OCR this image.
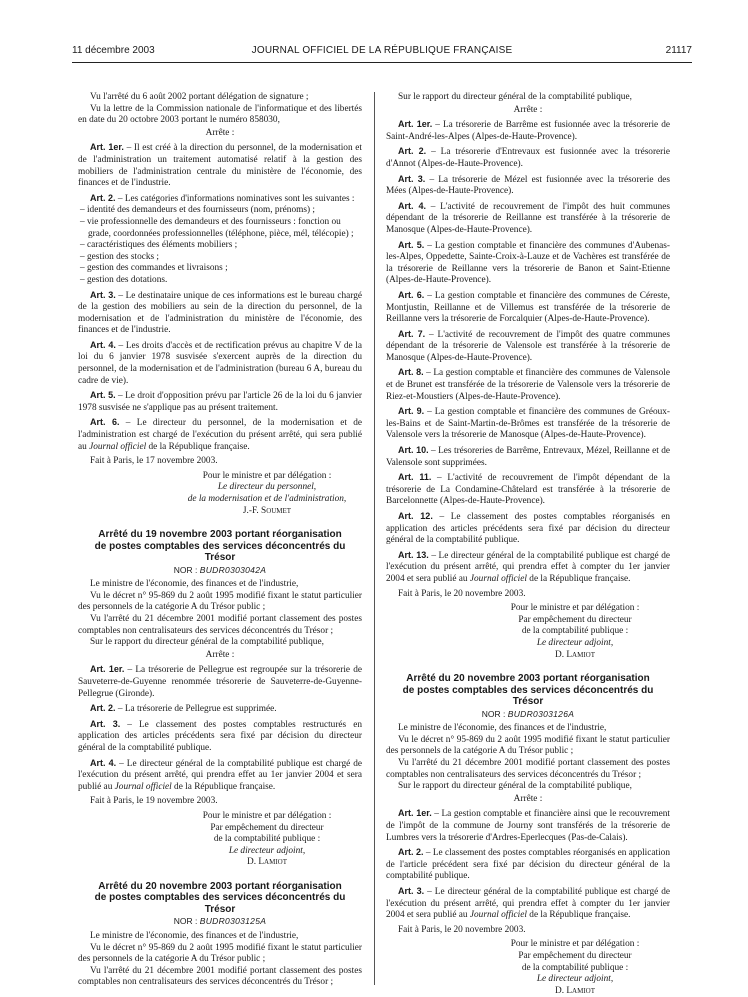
11 décembre 2003	JOURNAL OFFICIEL DE LA RÉPUBLIQUE FRANÇAISE	21117

Vu l'arrêté du 6 août 2002 portant délégation de signature ;

Vu la lettre de la Commission nationale de l'informatique et des libertés en date du 20 octobre 2003 portant le numéro 858030,

Arrête :

Art. 1er. – Il est créé à la direction du personnel, de la modernisation et de l'administration un traitement automatisé relatif à la gestion des mobiliers de l'administration centrale du ministère de l'économie, des finances et de l'industrie.

Art. 2. – Les catégories d'informations nominatives sont les suivantes :

– identité des demandeurs et des fournisseurs (nom, prénoms) ;
– vie professionnelle des demandeurs et des fournisseurs : fonction ou grade, coordonnées professionnelles (téléphone, pièce, mél, télécopie) ;
– caractéristiques des éléments mobiliers ;
– gestion des stocks ;
– gestion des commandes et livraisons ;
– gestion des dotations.

Art. 3. – Le destinataire unique de ces informations est le bureau chargé de la gestion des mobiliers au sein de la direction du personnel, de la modernisation et de l'administration du ministère de l'économie, des finances et de l'industrie.

Art. 4. – Les droits d'accès et de rectification prévus au chapitre V de la loi du 6 janvier 1978 susvisée s'exercent auprès de la direction du personnel, de la modernisation et de l'administration (bureau 6 A, bureau du cadre de vie).

Art. 5. – Le droit d'opposition prévu par l'article 26 de la loi du 6 janvier 1978 susvisée ne s'applique pas au présent traitement.

Art. 6. – Le directeur du personnel, de la modernisation et de l'administration est chargé de l'exécution du présent arrêté, qui sera publié au Journal officiel de la République française.

Fait à Paris, le 17 novembre 2003.

Pour le ministre et par délégation :
Le directeur du personnel,
de la modernisation et de l'administration,
J.-F. Soumet
Arrêté du 19 novembre 2003 portant réorganisation de postes comptables des services déconcentrés du Trésor
NOR : BUDR0303042A

Le ministre de l'économie, des finances et de l'industrie,

Vu le décret n° 95-869 du 2 août 1995 modifié fixant le statut particulier des personnels de la catégorie A du Trésor public ;

Vu l'arrêté du 21 décembre 2001 modifié portant classement des postes comptables non centralisateurs des services déconcentrés du Trésor ;

Sur le rapport du directeur général de la comptabilité publique,

Arrête :

Art. 1er. – La trésorerie de Pellegrue est regroupée sur la trésorerie de Sauveterre-de-Guyenne renommée trésorerie de Sauveterre-de-Guyenne-Pellegrue (Gironde).

Art. 2. – La trésorerie de Pellegrue est supprimée.

Art. 3. – Le classement des postes comptables restructurés en application des articles précédents sera fixé par décision du directeur général de la comptabilité publique.

Art. 4. – Le directeur général de la comptabilité publique est chargé de l'exécution du présent arrêté, qui prendra effet au 1er janvier 2004 et sera publié au Journal officiel de la République française.

Fait à Paris, le 19 novembre 2003.

Pour le ministre et par délégation :
Par empêchement du directeur
de la comptabilité publique :
Le directeur adjoint,
D. Lamiot
Arrêté du 20 novembre 2003 portant réorganisation de postes comptables des services déconcentrés du Trésor
NOR : BUDR0303125A

Le ministre de l'économie, des finances et de l'industrie,

Vu le décret n° 95-869 du 2 août 1995 modifié fixant le statut particulier des personnels de la catégorie A du Trésor public ;

Vu l'arrêté du 21 décembre 2001 modifié portant classement des postes comptables non centralisateurs des services déconcentrés du Trésor ;

Sur le rapport du directeur général de la comptabilité publique,

Arrête :

Art. 1er. – La trésorerie de Barrême est fusionnée avec la trésorerie de Saint-André-les-Alpes (Alpes-de-Haute-Provence).

Art. 2. – La trésorerie d'Entrevaux est fusionnée avec la trésorerie d'Annot (Alpes-de-Haute-Provence).

Art. 3. – La trésorerie de Mézel est fusionnée avec la trésorerie des Mées (Alpes-de-Haute-Provence).

Art. 4. – L'activité de recouvrement de l'impôt des huit communes dépendant de la trésorerie de Reillanne est transférée à la trésorerie de Manosque (Alpes-de-Haute-Provence).

Art. 5. – La gestion comptable et financière des communes d'Aubenas-les-Alpes, Oppedette, Sainte-Croix-à-Lauze et de Vachères est transférée de la trésorerie de Reillanne vers la trésorerie de Banon et Saint-Etienne (Alpes-de-Haute-Provence).

Art. 6. – La gestion comptable et financière des communes de Céreste, Montjustin, Reillanne et de Villemus est transférée de la trésorerie de Reillanne vers la trésorerie de Forcalquier (Alpes-de-Haute-Provence).

Art. 7. – L'activité de recouvrement de l'impôt des quatre communes dépendant de la trésorerie de Valensole est transférée à la trésorerie de Manosque (Alpes-de-Haute-Provence).

Art. 8. – La gestion comptable et financière des communes de Valensole et de Brunet est transférée de la trésorerie de Valensole vers la trésorerie de Riez-et-Moustiers (Alpes-de-Haute-Provence).

Art. 9. – La gestion comptable et financière des communes de Gréoux-les-Bains et de Saint-Martin-de-Brômes est transférée de la trésorerie de Valensole vers la trésorerie de Manosque (Alpes-de-Haute-Provence).

Art. 10. – Les trésoreries de Barrême, Entrevaux, Mézel, Reillanne et de Valensole sont supprimées.

Art. 11. – L'activité de recouvrement de l'impôt dépendant de la trésorerie de La Condamine-Châtelard est transférée à la trésorerie de Barcelonnette (Alpes-de-Haute-Provence).

Art. 12. – Le classement des postes comptables réorganisés en application des articles précédents sera fixé par décision du directeur général de la comptabilité publique.

Art. 13. – Le directeur général de la comptabilité publique est chargé de l'exécution du présent arrêté, qui prendra effet à compter du 1er janvier 2004 et sera publié au Journal officiel de la République française.

Fait à Paris, le 20 novembre 2003.

Pour le ministre et par délégation :
Par empêchement du directeur
de la comptabilité publique :
Le directeur adjoint,
D. Lamiot
Arrêté du 20 novembre 2003 portant réorganisation de postes comptables des services déconcentrés du Trésor
NOR : BUDR0303126A

Le ministre de l'économie, des finances et de l'industrie,

Vu le décret n° 95-869 du 2 août 1995 modifié fixant le statut particulier des personnels de la catégorie A du Trésor public ;

Vu l'arrêté du 21 décembre 2001 modifié portant classement des postes comptables non centralisateurs des services déconcentrés du Trésor ;

Sur le rapport du directeur général de la comptabilité publique,

Arrête :

Art. 1er. – La gestion comptable et financière ainsi que le recouvrement de l'impôt de la commune de Journy sont transférés de la trésorerie de Lumbres vers la trésorerie d'Ardres-Eperlecques (Pas-de-Calais).

Art. 2. – Le classement des postes comptables réorganisés en application de l'article précédent sera fixé par décision du directeur général de la comptabilité publique.

Art. 3. – Le directeur général de la comptabilité publique est chargé de l'exécution du présent arrêté, qui prendra effet à compter du 1er janvier 2004 et sera publié au Journal officiel de la République française.

Fait à Paris, le 20 novembre 2003.

Pour le ministre et par délégation :
Par empêchement du directeur
de la comptabilité publique :
Le directeur adjoint,
D. Lamiot
